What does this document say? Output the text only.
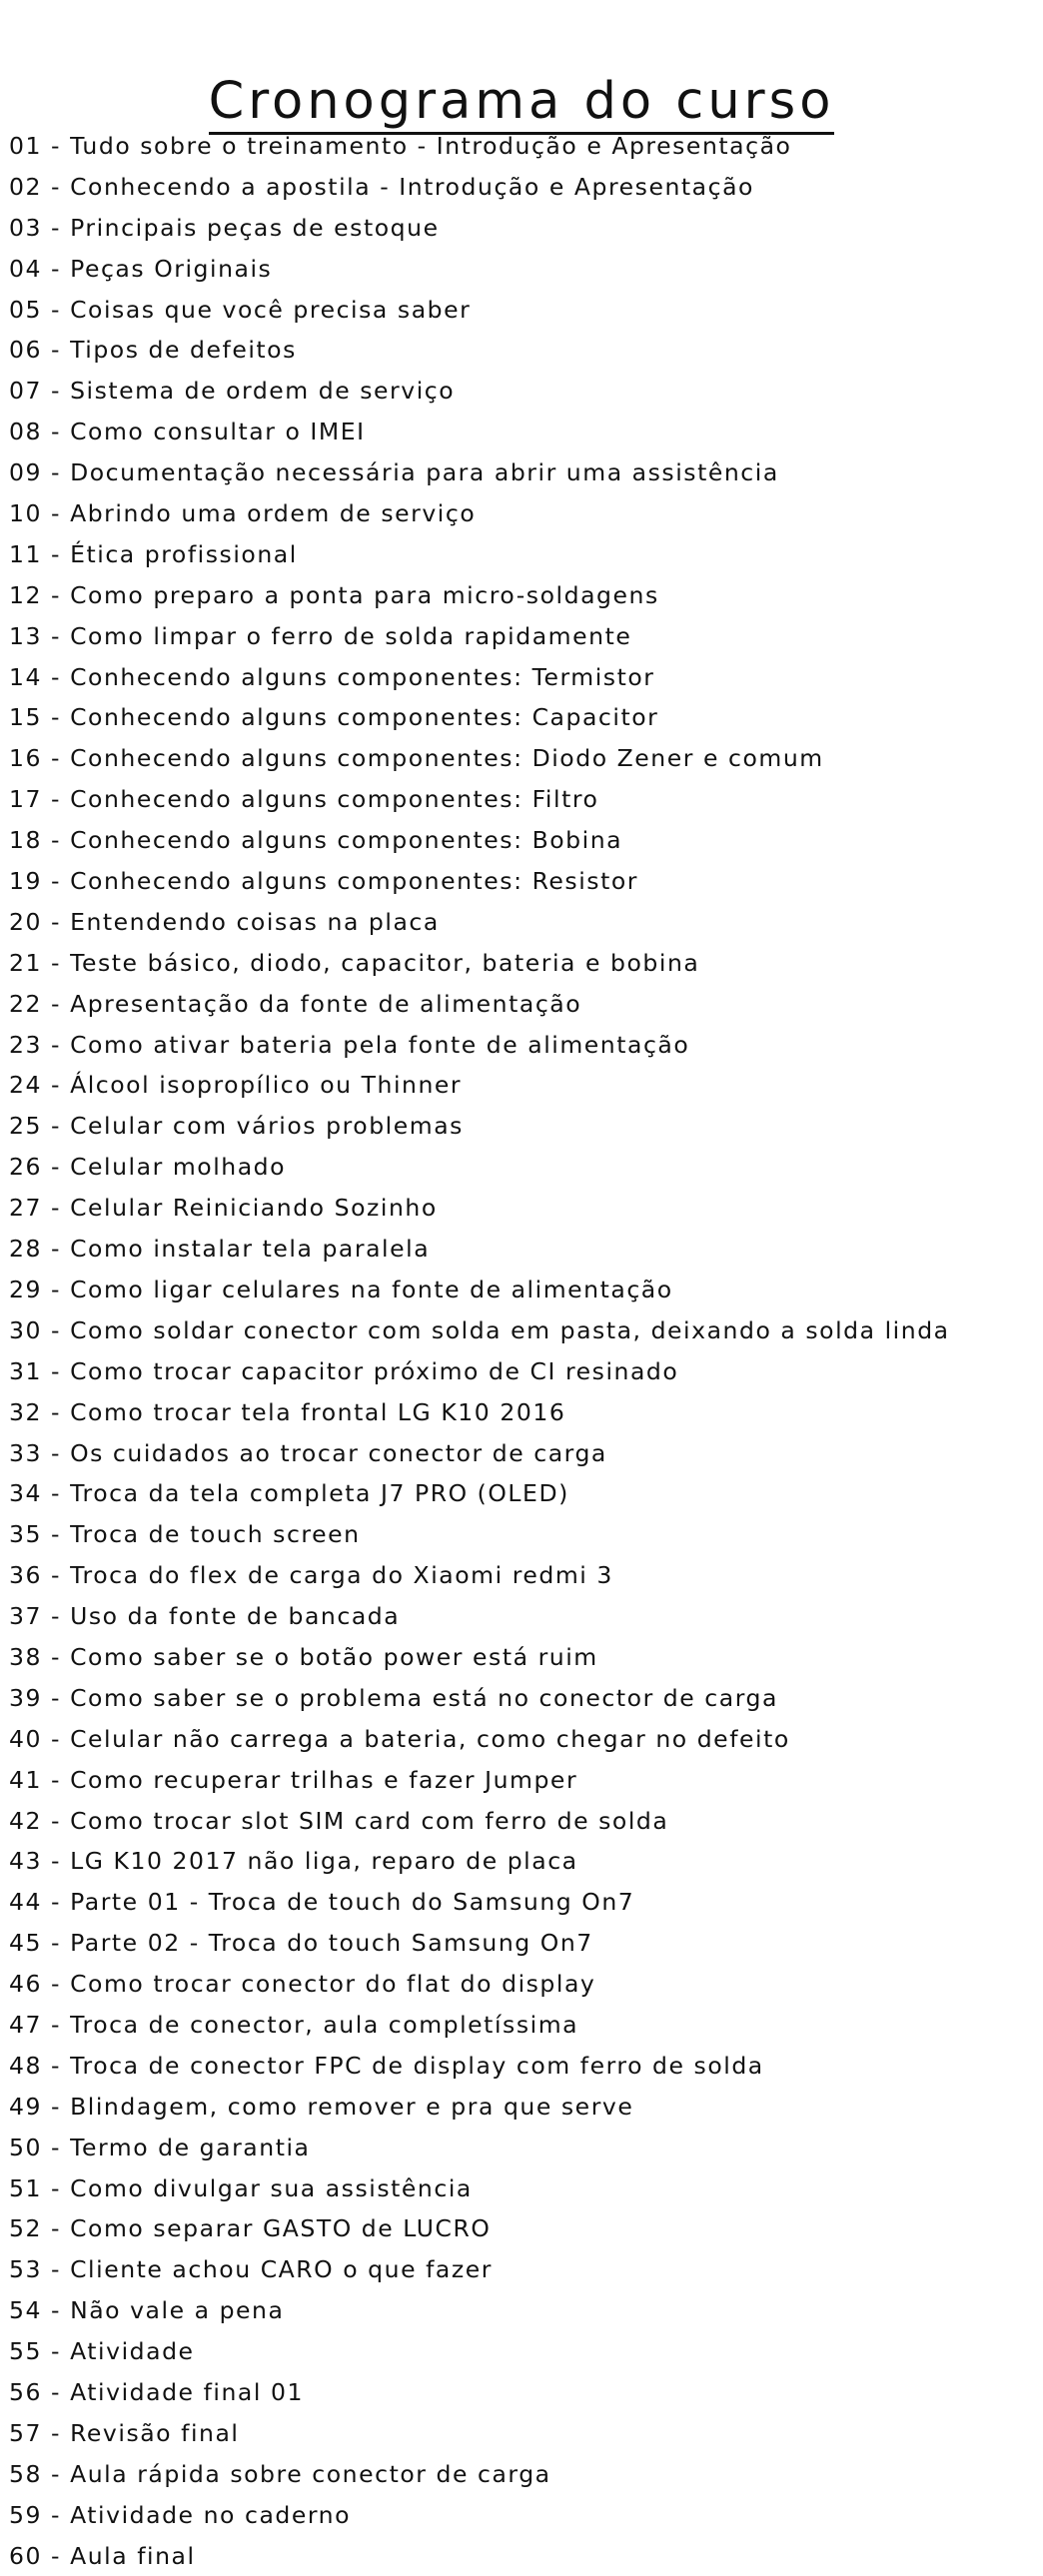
Cronograma do curso
01 - Tudo sobre o treinamento - Introdução e Apresentação
02 - Conhecendo a apostila - Introdução e Apresentação
03 - Principais peças de estoque
04 - Peças Originais
05 - Coisas que você precisa saber
06 - Tipos de defeitos
07 - Sistema de ordem de serviço
08 - Como consultar o IMEI
09 - Documentação necessária para abrir uma assistência
10 - Abrindo uma ordem de serviço
11 - Ética profissional
12 - Como preparo a ponta para micro-soldagens
13 - Como limpar o ferro de solda rapidamente
14 - Conhecendo alguns componentes: Termistor
15 - Conhecendo alguns componentes: Capacitor
16 - Conhecendo alguns componentes: Diodo Zener e comum
17 - Conhecendo alguns componentes: Filtro
18 - Conhecendo alguns componentes: Bobina
19 - Conhecendo alguns componentes: Resistor
20 - Entendendo coisas na placa
21 - Teste básico, diodo, capacitor, bateria e bobina
22 - Apresentação da fonte de alimentação
23 - Como ativar bateria pela fonte de alimentação
24 - Álcool isopropílico ou Thinner
25 - Celular com vários problemas
26 - Celular molhado
27 - Celular Reiniciando Sozinho
28 - Como instalar tela paralela
29 - Como ligar celulares na fonte de alimentação
30 - Como soldar conector com solda em pasta, deixando a solda linda
31 - Como trocar capacitor próximo de CI resinado
32 - Como trocar tela frontal LG K10 2016
33 - Os cuidados ao trocar conector de carga
34 - Troca da tela completa J7 PRO (OLED)
35 - Troca de touch screen
36 - Troca do flex de carga do Xiaomi redmi 3
37 - Uso da fonte de bancada
38 - Como saber se o botão power está ruim
39 - Como saber se o problema está no conector de carga
40 - Celular não carrega a bateria, como chegar no defeito
41 - Como recuperar trilhas e fazer Jumper
42 - Como trocar slot SIM card com ferro de solda
43 - LG K10 2017 não liga, reparo de placa
44 - Parte 01 - Troca de touch do Samsung On7
45 - Parte 02 - Troca do touch Samsung On7
46 - Como trocar conector do flat do display
47 - Troca de conector, aula completíssima
48 - Troca de conector FPC de display com ferro de solda
49 - Blindagem, como remover e pra que serve
50 - Termo de garantia
51 - Como divulgar sua assistência
52 - Como separar GASTO de LUCRO
53 - Cliente achou CARO o que fazer
54 - Não vale a pena
55 - Atividade
56 - Atividade final 01
57 - Revisão final
58 - Aula rápida sobre conector de carga
59 - Atividade no caderno
60 - Aula final
